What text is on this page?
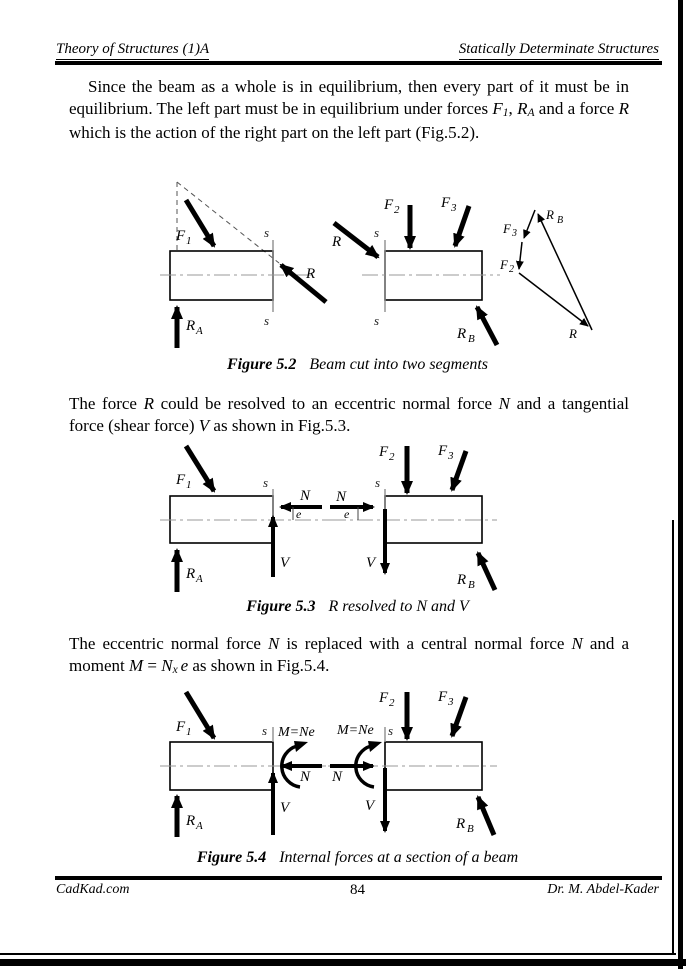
Theory of Structures (1)A	Statically Determinate Structures

Since the beam as a whole is in equilibrium, then every part of it must be in equilibrium. The left part must be in equilibrium under forces F1, RA and a force R which is the action of the right part on the left part (Fig.5.2).

s
s
F 1
R A
R
s
s
R
F 2	F 3
R B
F 3
F 2
R
R B
Figure 5.2 Beam cut into two segments

The force R could be resolved to an eccentric normal force N and a tangential force (shear force) V as shown in Fig.5.3.

s
F 1
R A
V
N
e
s
F 2	F 3
N
e
V
R B
Figure 5.3 R resolved to N and V

The eccentric normal force N is replaced with a central normal force N and a moment M = Nx e as shown in Fig.5.4.

s
F 1
R A
V
N
M=Ne	s
F 2	F 3
N
M=Ne
V
R B
Figure 5.4 Internal forces at a section of a beam
CadKad.com	84	Dr. M. Abdel-Kader
